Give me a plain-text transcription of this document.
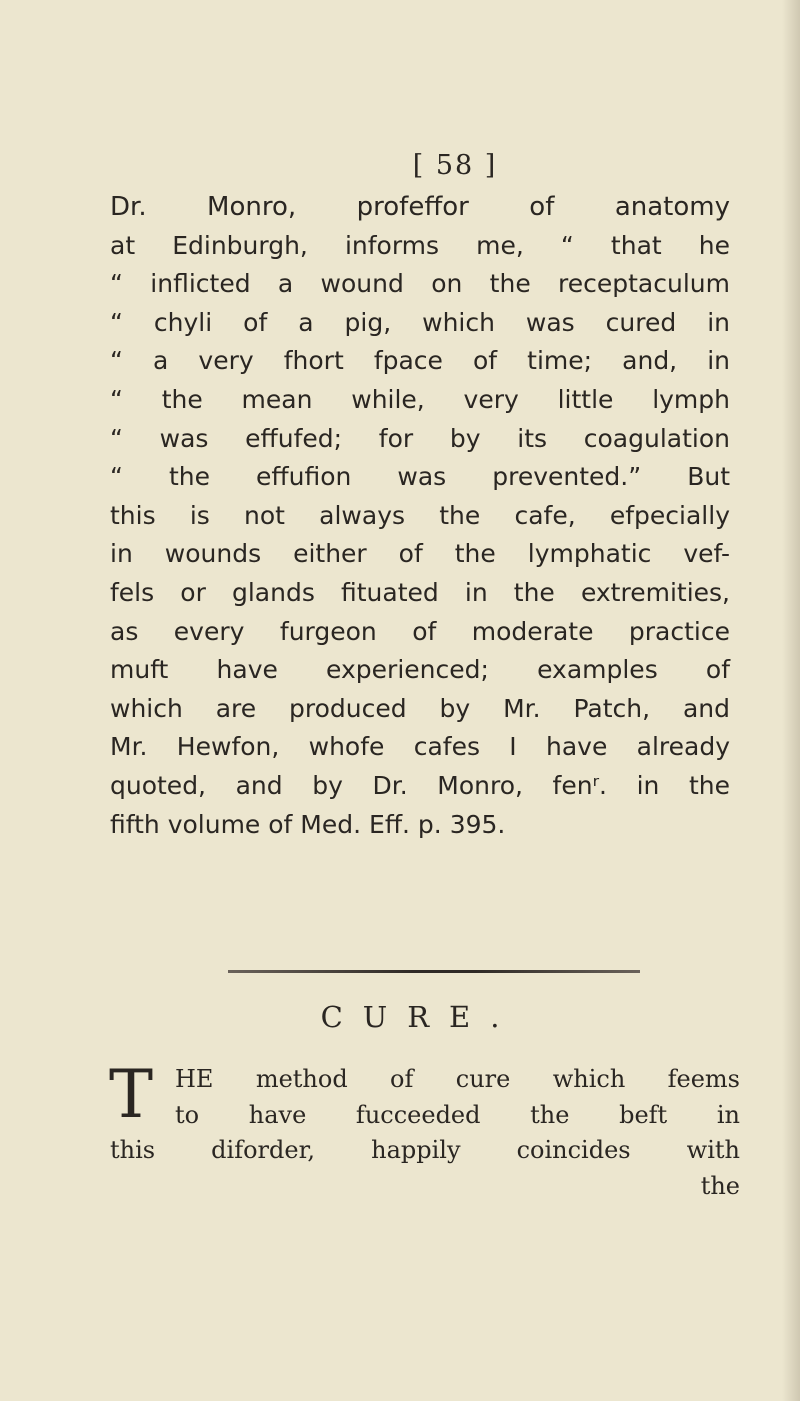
[ 58 ]
Dr. Monro, profeffor of anatomy
at Edinburgh, informs me, “ that he
“ inflicted a wound on the receptaculum
“ chyli of a pig, which was cured in
“ a very fhort fpace of time; and, in
“ the mean while, very little lymph
“ was effufed; for by its coagulation
“ the effufion was prevented.” But
this is not always the cafe, efpecially
in wounds either of the lymphatic vef-
fels or glands fituated in the extremities,
as every furgeon of moderate practice
muft have experienced; examples of
which are produced by Mr. Patch, and
Mr. Hewfon, whofe cafes I have already
quoted, and by Dr. Monro, fenʳ. in the
fifth volume of Med. Eff. p. 395.
CURE.
T HE method of cure which feems
to have fucceeded the beft in
this diforder, happily coincides with
the
